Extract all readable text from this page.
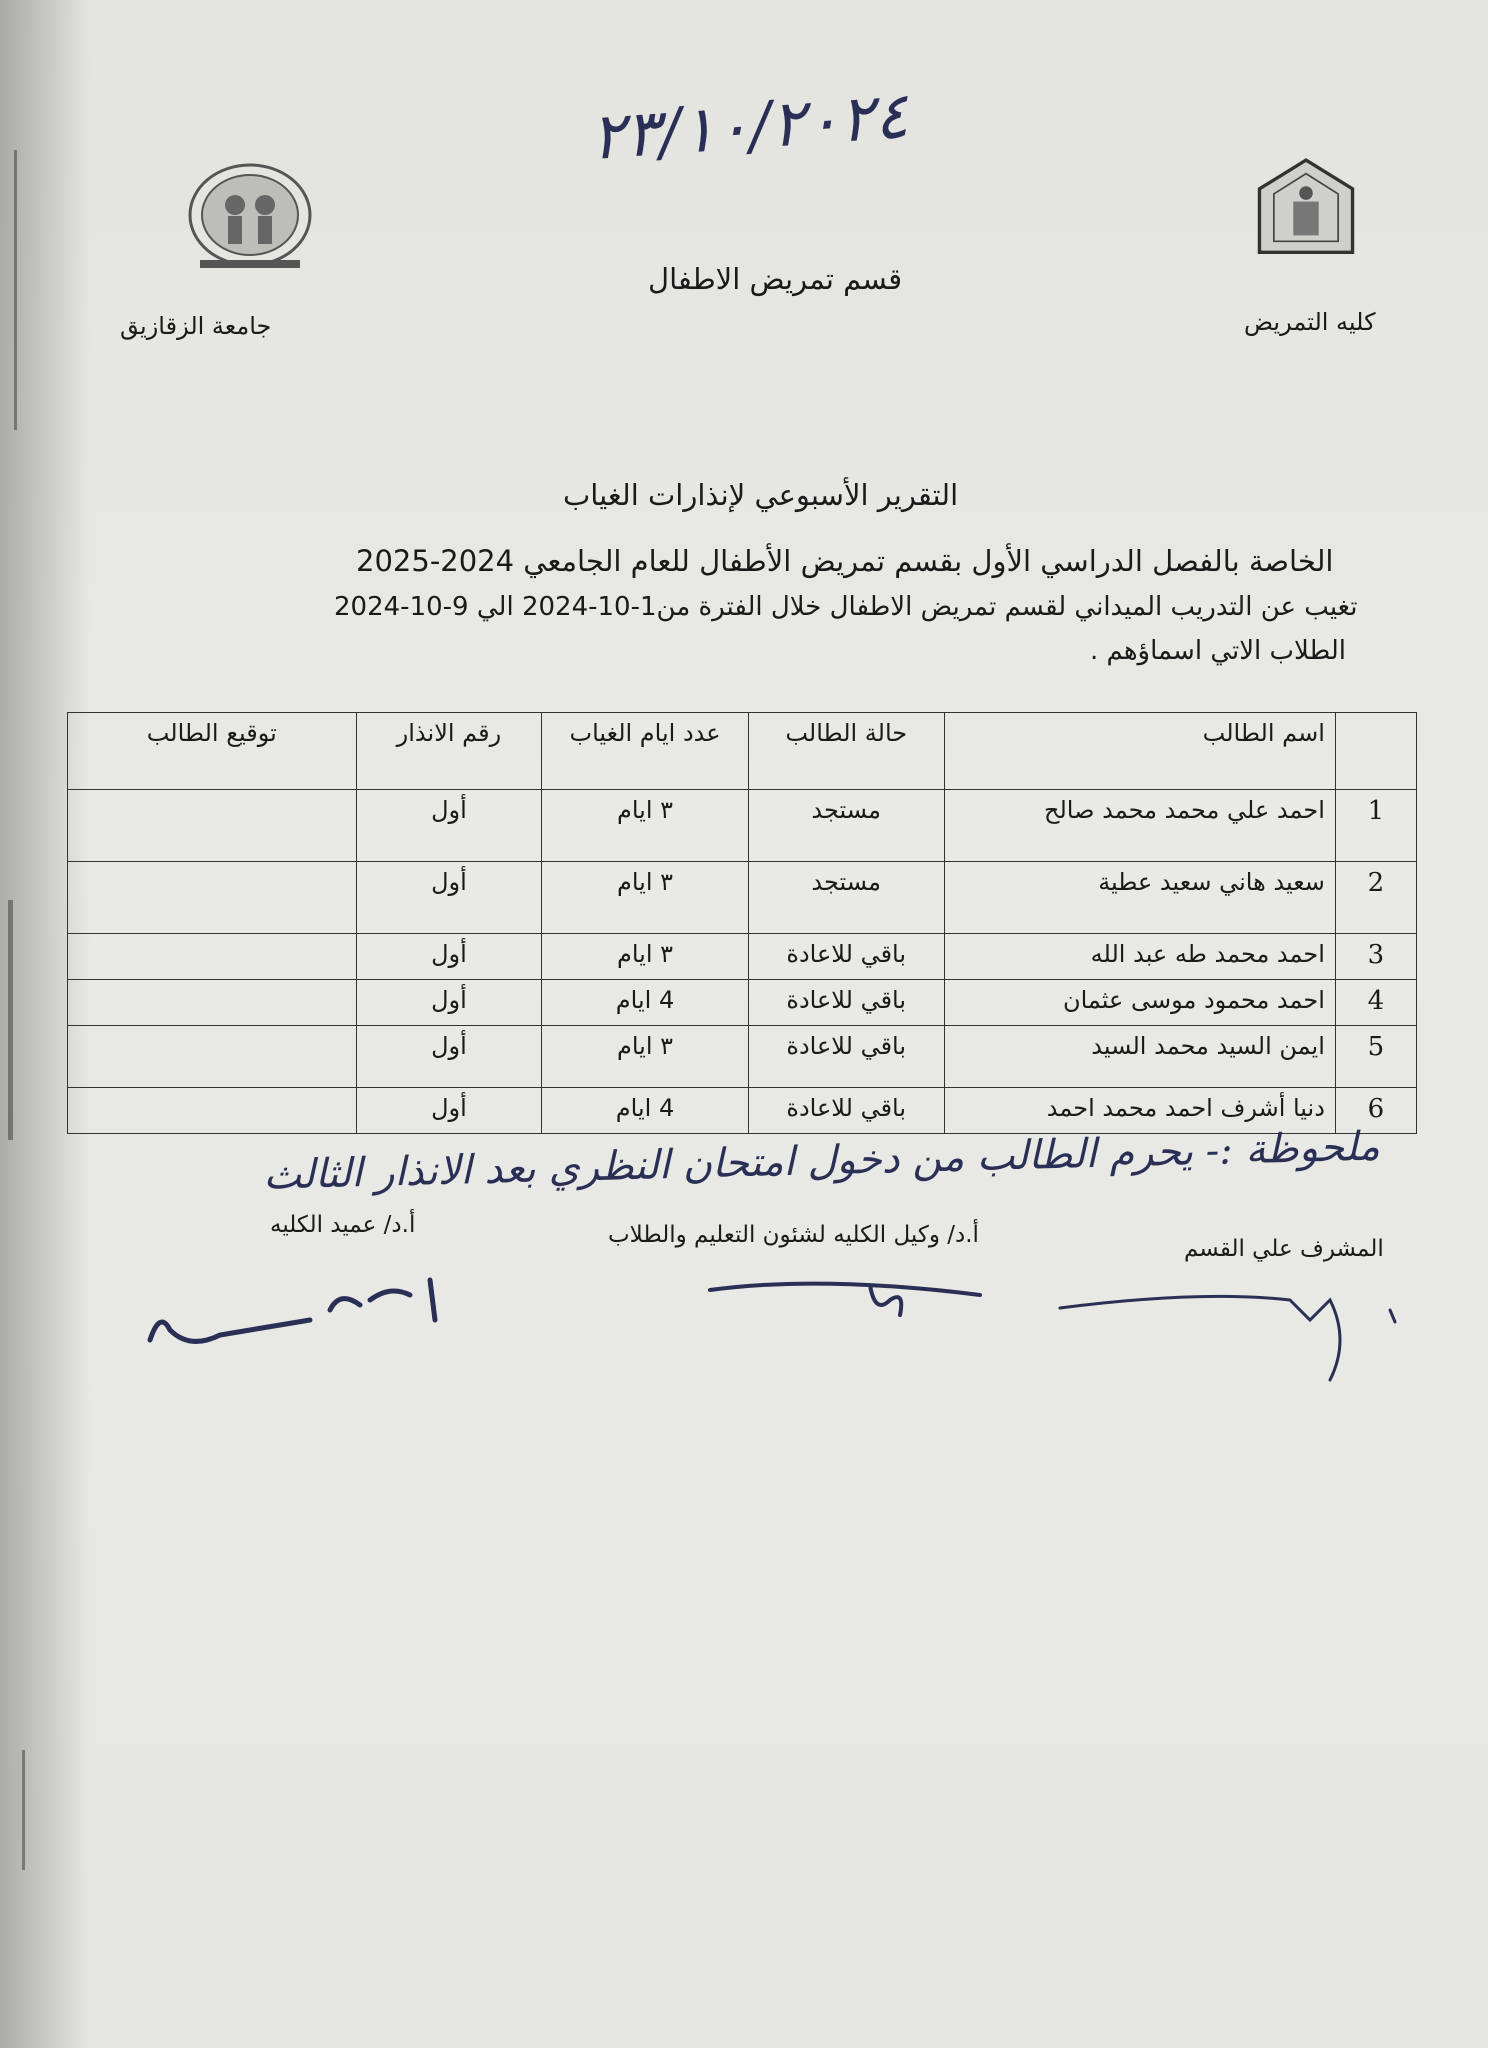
٢٣/١٠/٢٠٢٤
جامعة الزقازيق
قسم تمريض الاطفال
كليه التمريض
التقرير الأسبوعي لإنذارات الغياب
الخاصة بالفصل الدراسي الأول بقسم تمريض الأطفال للعام الجامعي 2024-2025
تغيب عن التدريب الميداني لقسم تمريض الاطفال خلال الفترة من1-10-2024 الي 9-10-2024
الطلاب الاتي اسماؤهم .
	اسم الطالب	حالة الطالب	عدد ايام الغياب	رقم الانذار	توقيع الطالب
1	احمد علي محمد محمد صالح	مستجد	٣ ايام	أول	
2	سعيد هاني سعيد عطية	مستجد	٣ ايام	أول	
3	احمد محمد طه عبد الله	باقي للاعادة	٣ ايام	أول	
4	احمد محمود موسى عثمان	باقي للاعادة	4 ايام	أول	
5	ايمن السيد محمد السيد	باقي للاعادة	٣ ايام	أول	
6	دنيا أشرف احمد محمد احمد	باقي للاعادة	4 ايام	أول	
ملحوظة :- يحرم الطالب من دخول امتحان النظري بعد الانذار الثالث
أ.د/ عميد الكليه	أ.د/ وكيل الكليه لشئون التعليم والطلاب
المشرف علي القسم
